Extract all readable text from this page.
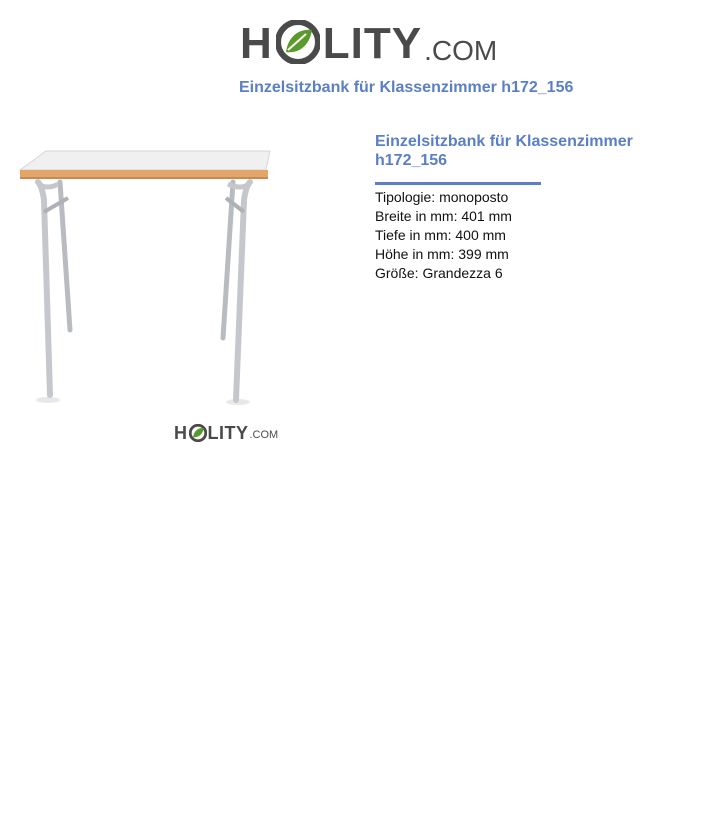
H LITY .COM
Einzelsitzbank für Klassenzimmer h172_156
H LITY .COM
Einzelsitzbank für Klassenzimmer h172_156
Tipologie: monoposto
Breite in mm: 401 mm
Tiefe in mm: 400 mm
Höhe in mm: 399 mm
Größe: Grandezza 6
